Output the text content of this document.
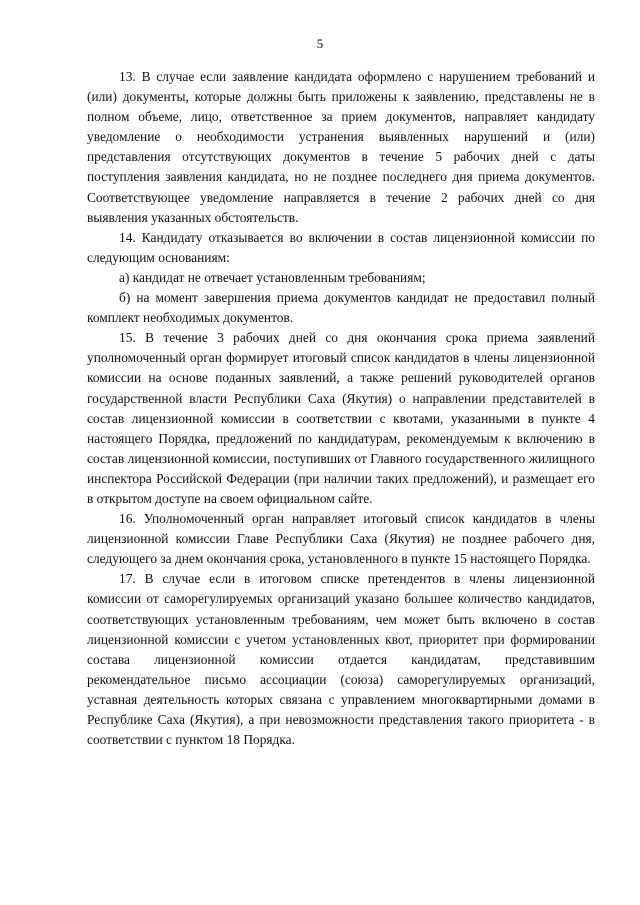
5

13. В случае если заявление кандидата оформлено с нарушением требований и (или) документы, которые должны быть приложены к заявлению, представлены не в полном объеме, лицо, ответственное за прием документов, направляет кандидату уведомление о необходимости устранения выявленных нарушений и (или) представления отсутствующих документов в течение 5 рабочих дней с даты поступления заявления кандидата, но не позднее последнего дня приема документов. Соответствующее уведомление направляется в течение 2 рабочих дней со дня выявления указанных обстоятельств.

14. Кандидату отказывается во включении в состав лицензионной комиссии по следующим основаниям:

а) кандидат не отвечает установленным требованиям;

б) на момент завершения приема документов кандидат не предоставил полный комплект необходимых документов.

15. В течение 3 рабочих дней со дня окончания срока приема заявлений уполномоченный орган формирует итоговый список кандидатов в члены лицензионной комиссии на основе поданных заявлений, а также решений руководителей органов государственной власти Республики Саха (Якутия) о направлении представителей в состав лицензионной комиссии в соответствии с квотами, указанными в пункте 4 настоящего Порядка, предложений по кандидатурам, рекомендуемым к включению в состав лицензионной комиссии, поступивших от Главного государственного жилищного инспектора Российской Федерации (при наличии таких предложений), и размещает его в открытом доступе на своем официальном сайте.

16. Уполномоченный орган направляет итоговый список кандидатов в члены лицензионной комиссии Главе Республики Саха (Якутия) не позднее рабочего дня, следующего за днем окончания срока, установленного в пункте 15 настоящего Порядка.

17. В случае если в итоговом списке претендентов в члены лицензионной комиссии от саморегулируемых организаций указано большее количество кандидатов, соответствующих установленным требованиям, чем может быть включено в состав лицензионной комиссии с учетом установленных квот, приоритет при формировании состава лицензионной комиссии отдается кандидатам, представившим рекомендательное письмо ассоциации (союза) саморегулируемых организаций, уставная деятельность которых связана с управлением многоквартирными домами в Республике Саха (Якутия), а при невозможности представления такого приоритета - в соответствии с пунктом 18 Порядка.
